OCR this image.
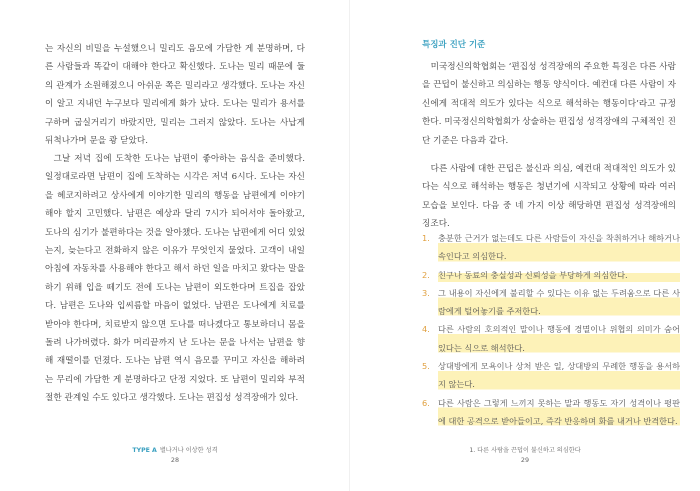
는 자신의 비밀을 누설했으니 밀리도 음모에 가담한 게 분명하며, 다른 사람들과 똑같이 대해야 한다고 확신했다. 도나는 밀리 때문에 둘의 관계가 소원해졌으니 아쉬운 쪽은 밀리라고 생각했다. 도나는 자신이 알고 지내던 누구보다 밀리에게 화가 났다. 도나는 밀리가 용서를 구하며 굽실거리기 바랐지만, 밀리는 그러지 않았다. 도나는 사납게 뒤척나가며 문을 쾅 닫았다.

그날 저녁 집에 도착한 도나는 남편이 좋아하는 음식을 준비했다. 일정대로라면 남편이 집에 도착하는 시각은 저녁 6시다. 도나는 자신을 헤코지하려고 상사에게 이야기한 밀리의 행동을 남편에게 이야기해야 할지 고민했다. 남편은 예상과 달리 7시가 되어서야 돌아왔고, 도나의 심기가 불편하다는 것을 알아챘다. 도나는 남편에게 어디 있었는지, 늦는다고 전화하지 않은 이유가 무엇인지 물었다. 고객이 내일 아침에 자동차를 사용해야 한다고 해서 하던 일을 마치고 왔다는 말을 하기 위해 입을 떼기도 전에 도나는 남편이 외도한다며 트집을 잡았다. 남편은 도나와 입씨름할 마음이 없었다. 남편은 도나에게 치료를 받아야 한다며, 치료받지 않으면 도나를 떠나겠다고 통보하더니 몸을 돌려 나가버렸다. 화가 머리끝까지 난 도나는 문을 나서는 남편을 향해 재떨이를 던졌다. 도나는 남편 역시 음모를 꾸미고 자신을 해하려는 무리에 가담한 게 분명하다고 단정 지었다. 또 남편이 밀리와 부적절한 관계일 수도 있다고 생각했다. 도나는 편집성 성격장애가 있다.

TYPE A 별나거나 이상한 성격
28
특징과 진단 기준

미국정신의학협회는 ‘편집성 성격장애의 주요한 특징은 다른 사람을 끈덥이 불신하고 의심하는 행동 양식이다. 예컨대 다른 사람이 자신에게 적대적 의도가 있다는 식으로 해석하는 행동이다’라고 규정한다. 미국정신의학협회가 상술하는 편집성 성격장애의 구체적인 진단 기준은 다음과 같다.

다른 사람에 대한 끈덥은 불신과 의심, 예컨대 적대적인 의도가 있다는 식으로 해석하는 행동은 청년기에 시작되고 상황에 따라 여러 모습을 보인다. 다음 중 네 가지 이상 해당하면 편집성 성격장애의 징조다.

1. 충분한 근거가 없는데도 다른 사람들이 자신을 착취하거나 해하거나 속인다고 의심한다.
2. 친구나 동료의 충실성과 신뢰성을 부당하게 의심한다.
3. 그 내용이 자신에게 불리할 수 있다는 이유 없는 두려움으로 다른 사람에게 털어놓기를 주저한다.
4. 다른 사람의 호의적인 말이나 행동에 경멸이나 위협의 의미가 숨어 있다는 식으로 해석한다.
5. 상대방에게 모욕이나 상처 받은 일, 상대방의 무례한 행동을 용서하지 않는다.
6. 다른 사람은 그렇게 느끼지 못하는 말과 행동도 자기 성격이나 평판에 대한 공격으로 받아들이고, 즉각 반응하며 화를 내거나 반격한다.
1. 다른 사람을 끈덥이 불신하고 의심한다
29
